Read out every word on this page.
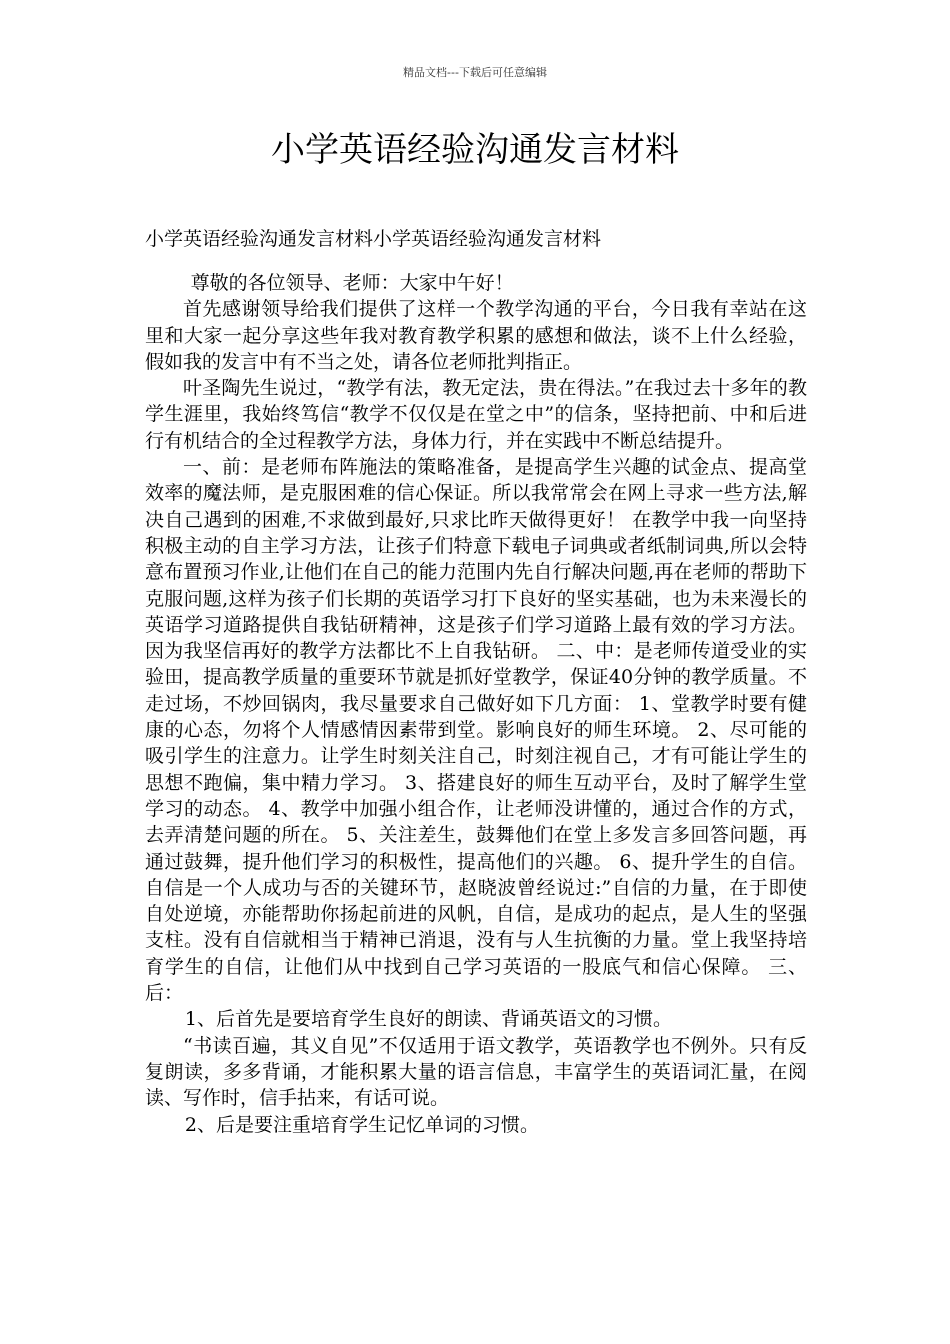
精品文档---下载后可任意编辑
小学英语经验沟通发言材料
小学英语经验沟通发言材料小学英语经验沟通发言材料

尊敬的各位领导、老师：大家中午好！

首先感谢领导给我们提供了这样一个教学沟通的平台，今日我有幸站在这里和大家一起分享这些年我对教育教学积累的感想和做法，谈不上什么经验，假如我的发言中有不当之处，请各位老师批判指正。

叶圣陶先生说过，“教学有法，教无定法，贵在得法。”在我过去十多年的教学生涯里，我始终笃信“教学不仅仅是在堂之中”的信条，坚持把前、中和后进行有机结合的全过程教学方法，身体力行，并在实践中不断总结提升。

一、前：是老师布阵施法的策略准备，是提高学生兴趣的试金点、提高堂效率的魔法师，是克服困难的信心保证。所以我常常会在网上寻求一些方法,解决自己遇到的困难,不求做到最好,只求比昨天做得更好！ 在教学中我一向坚持积极主动的自主学习方法，让孩子们特意下载电子词典或者纸制词典,所以会特意布置预习作业,让他们在自己的能力范围内先自行解决问题,再在老师的帮助下克服问题,这样为孩子们长期的英语学习打下良好的坚实基础，也为未来漫长的英语学习道路提供自我钻研精神，这是孩子们学习道路上最有效的学习方法。因为我坚信再好的教学方法都比不上自我钻研。 二、中：是老师传道受业的实验田，提高教学质量的重要环节就是抓好堂教学，保证40分钟的教学质量。不走过场，不炒回锅肉，我尽量要求自己做好如下几方面： 1、堂教学时要有健康的心态，勿将个人情感情因素带到堂。影响良好的师生环境。 2、尽可能的吸引学生的注意力。让学生时刻关注自己，时刻注视自己，才有可能让学生的思想不跑偏，集中精力学习。 3、搭建良好的师生互动平台，及时了解学生堂学习的动态。 4、教学中加强小组合作，让老师没讲懂的，通过合作的方式，去弄清楚问题的所在。 5、关注差生，鼓舞他们在堂上多发言多回答问题，再通过鼓舞，提升他们学习的积极性，提高他们的兴趣。 6、提升学生的自信。 自信是一个人成功与否的关键环节，赵晓波曾经说过:”自信的力量，在于即使自处逆境，亦能帮助你扬起前进的风帆，自信，是成功的起点，是人生的坚强支柱。没有自信就相当于精神已消退，没有与人生抗衡的力量。堂上我坚持培育学生的自信，让他们从中找到自己学习英语的一股底气和信心保障。 三、后：

1、后首先是要培育学生良好的朗读、背诵英语文的习惯。

“书读百遍，其义自见”不仅适用于语文教学，英语教学也不例外。只有反复朗读，多多背诵，才能积累大量的语言信息，丰富学生的英语词汇量，在阅读、写作时，信手拈来，有话可说。

2、后是要注重培育学生记忆单词的习惯。
